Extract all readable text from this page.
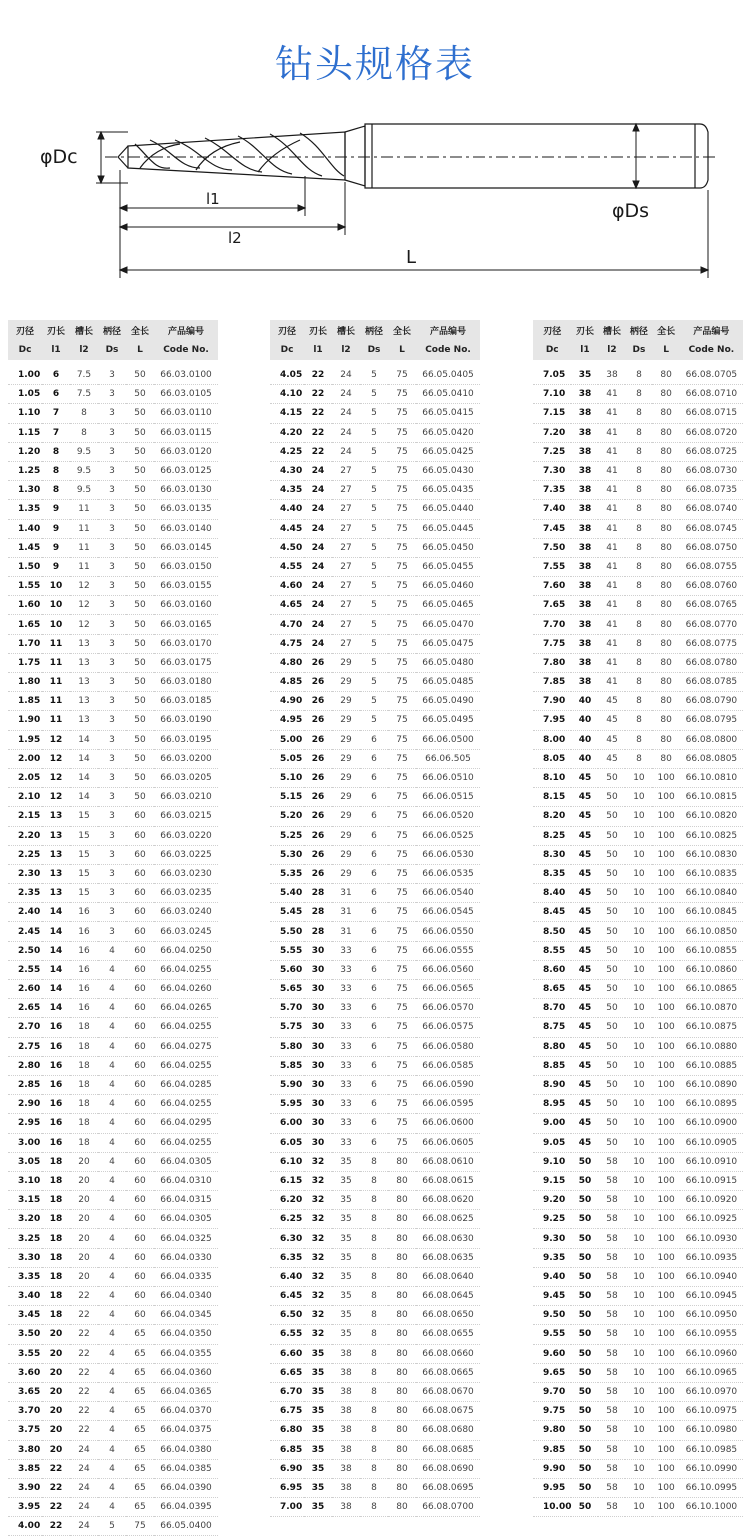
钻头规格表
φDc
φDs
l1
l2
L
刃径	刃长	槽长	柄径	全长	产品编号
Dc	l1	l2	Ds	L	Code No.

1.00	6	7.5	3	50	66.03.0100
1.05	6	7.5	3	50	66.03.0105
1.10	7	8	3	50	66.03.0110
1.15	7	8	3	50	66.03.0115
1.20	8	9.5	3	50	66.03.0120
1.25	8	9.5	3	50	66.03.0125
1.30	8	9.5	3	50	66.03.0130
1.35	9	11	3	50	66.03.0135
1.40	9	11	3	50	66.03.0140
1.45	9	11	3	50	66.03.0145
1.50	9	11	3	50	66.03.0150
1.55	10	12	3	50	66.03.0155
1.60	10	12	3	50	66.03.0160
1.65	10	12	3	50	66.03.0165
1.70	11	13	3	50	66.03.0170
1.75	11	13	3	50	66.03.0175
1.80	11	13	3	50	66.03.0180
1.85	11	13	3	50	66.03.0185
1.90	11	13	3	50	66.03.0190
1.95	12	14	3	50	66.03.0195
2.00	12	14	3	50	66.03.0200
2.05	12	14	3	50	66.03.0205
2.10	12	14	3	50	66.03.0210
2.15	13	15	3	60	66.03.0215
2.20	13	15	3	60	66.03.0220
2.25	13	15	3	60	66.03.0225
2.30	13	15	3	60	66.03.0230
2.35	13	15	3	60	66.03.0235
2.40	14	16	3	60	66.03.0240
2.45	14	16	3	60	66.03.0245
2.50	14	16	4	60	66.04.0250
2.55	14	16	4	60	66.04.0255
2.60	14	16	4	60	66.04.0260
2.65	14	16	4	60	66.04.0265
2.70	16	18	4	60	66.04.0255
2.75	16	18	4	60	66.04.0275
2.80	16	18	4	60	66.04.0255
2.85	16	18	4	60	66.04.0285
2.90	16	18	4	60	66.04.0255
2.95	16	18	4	60	66.04.0295
3.00	16	18	4	60	66.04.0255
3.05	18	20	4	60	66.04.0305
3.10	18	20	4	60	66.04.0310
3.15	18	20	4	60	66.04.0315
3.20	18	20	4	60	66.04.0305
3.25	18	20	4	60	66.04.0325
3.30	18	20	4	60	66.04.0330
3.35	18	20	4	60	66.04.0335
3.40	18	22	4	60	66.04.0340
3.45	18	22	4	60	66.04.0345
3.50	20	22	4	65	66.04.0350
3.55	20	22	4	65	66.04.0355
3.60	20	22	4	65	66.04.0360
3.65	20	22	4	65	66.04.0365
3.70	20	22	4	65	66.04.0370
3.75	20	22	4	65	66.04.0375
3.80	20	24	4	65	66.04.0380
3.85	22	24	4	65	66.04.0385
3.90	22	24	4	65	66.04.0390
3.95	22	24	4	65	66.04.0395
4.00	22	24	5	75	66.05.0400
刃径	刃长	槽长	柄径	全长	产品编号
Dc	l1	l2	Ds	L	Code No.

4.05	22	24	5	75	66.05.0405
4.10	22	24	5	75	66.05.0410
4.15	22	24	5	75	66.05.0415
4.20	22	24	5	75	66.05.0420
4.25	22	24	5	75	66.05.0425
4.30	24	27	5	75	66.05.0430
4.35	24	27	5	75	66.05.0435
4.40	24	27	5	75	66.05.0440
4.45	24	27	5	75	66.05.0445
4.50	24	27	5	75	66.05.0450
4.55	24	27	5	75	66.05.0455
4.60	24	27	5	75	66.05.0460
4.65	24	27	5	75	66.05.0465
4.70	24	27	5	75	66.05.0470
4.75	24	27	5	75	66.05.0475
4.80	26	29	5	75	66.05.0480
4.85	26	29	5	75	66.05.0485
4.90	26	29	5	75	66.05.0490
4.95	26	29	5	75	66.05.0495
5.00	26	29	6	75	66.06.0500
5.05	26	29	6	75	66.06.505
5.10	26	29	6	75	66.06.0510
5.15	26	29	6	75	66.06.0515
5.20	26	29	6	75	66.06.0520
5.25	26	29	6	75	66.06.0525
5.30	26	29	6	75	66.06.0530
5.35	26	29	6	75	66.06.0535
5.40	28	31	6	75	66.06.0540
5.45	28	31	6	75	66.06.0545
5.50	28	31	6	75	66.06.0550
5.55	30	33	6	75	66.06.0555
5.60	30	33	6	75	66.06.0560
5.65	30	33	6	75	66.06.0565
5.70	30	33	6	75	66.06.0570
5.75	30	33	6	75	66.06.0575
5.80	30	33	6	75	66.06.0580
5.85	30	33	6	75	66.06.0585
5.90	30	33	6	75	66.06.0590
5.95	30	33	6	75	66.06.0595
6.00	30	33	6	75	66.06.0600
6.05	30	33	6	75	66.06.0605
6.10	32	35	8	80	66.08.0610
6.15	32	35	8	80	66.08.0615
6.20	32	35	8	80	66.08.0620
6.25	32	35	8	80	66.08.0625
6.30	32	35	8	80	66.08.0630
6.35	32	35	8	80	66.08.0635
6.40	32	35	8	80	66.08.0640
6.45	32	35	8	80	66.08.0645
6.50	32	35	8	80	66.08.0650
6.55	32	35	8	80	66.08.0655
6.60	35	38	8	80	66.08.0660
6.65	35	38	8	80	66.08.0665
6.70	35	38	8	80	66.08.0670
6.75	35	38	8	80	66.08.0675
6.80	35	38	8	80	66.08.0680
6.85	35	38	8	80	66.08.0685
6.90	35	38	8	80	66.08.0690
6.95	35	38	8	80	66.08.0695
7.00	35	38	8	80	66.08.0700
刃径	刃长	槽长	柄径	全长	产品编号
Dc	l1	l2	Ds	L	Code No.

7.05	35	38	8	80	66.08.0705
7.10	38	41	8	80	66.08.0710
7.15	38	41	8	80	66.08.0715
7.20	38	41	8	80	66.08.0720
7.25	38	41	8	80	66.08.0725
7.30	38	41	8	80	66.08.0730
7.35	38	41	8	80	66.08.0735
7.40	38	41	8	80	66.08.0740
7.45	38	41	8	80	66.08.0745
7.50	38	41	8	80	66.08.0750
7.55	38	41	8	80	66.08.0755
7.60	38	41	8	80	66.08.0760
7.65	38	41	8	80	66.08.0765
7.70	38	41	8	80	66.08.0770
7.75	38	41	8	80	66.08.0775
7.80	38	41	8	80	66.08.0780
7.85	38	41	8	80	66.08.0785
7.90	40	45	8	80	66.08.0790
7.95	40	45	8	80	66.08.0795
8.00	40	45	8	80	66.08.0800
8.05	40	45	8	80	66.08.0805
8.10	45	50	10	100	66.10.0810
8.15	45	50	10	100	66.10.0815
8.20	45	50	10	100	66.10.0820
8.25	45	50	10	100	66.10.0825
8.30	45	50	10	100	66.10.0830
8.35	45	50	10	100	66.10.0835
8.40	45	50	10	100	66.10.0840
8.45	45	50	10	100	66.10.0845
8.50	45	50	10	100	66.10.0850
8.55	45	50	10	100	66.10.0855
8.60	45	50	10	100	66.10.0860
8.65	45	50	10	100	66.10.0865
8.70	45	50	10	100	66.10.0870
8.75	45	50	10	100	66.10.0875
8.80	45	50	10	100	66.10.0880
8.85	45	50	10	100	66.10.0885
8.90	45	50	10	100	66.10.0890
8.95	45	50	10	100	66.10.0895
9.00	45	50	10	100	66.10.0900
9.05	45	50	10	100	66.10.0905
9.10	50	58	10	100	66.10.0910
9.15	50	58	10	100	66.10.0915
9.20	50	58	10	100	66.10.0920
9.25	50	58	10	100	66.10.0925
9.30	50	58	10	100	66.10.0930
9.35	50	58	10	100	66.10.0935
9.40	50	58	10	100	66.10.0940
9.45	50	58	10	100	66.10.0945
9.50	50	58	10	100	66.10.0950
9.55	50	58	10	100	66.10.0955
9.60	50	58	10	100	66.10.0960
9.65	50	58	10	100	66.10.0965
9.70	50	58	10	100	66.10.0970
9.75	50	58	10	100	66.10.0975
9.80	50	58	10	100	66.10.0980
9.85	50	58	10	100	66.10.0985
9.90	50	58	10	100	66.10.0990
9.95	50	58	10	100	66.10.0995
10.00	50	58	10	100	66.10.1000
